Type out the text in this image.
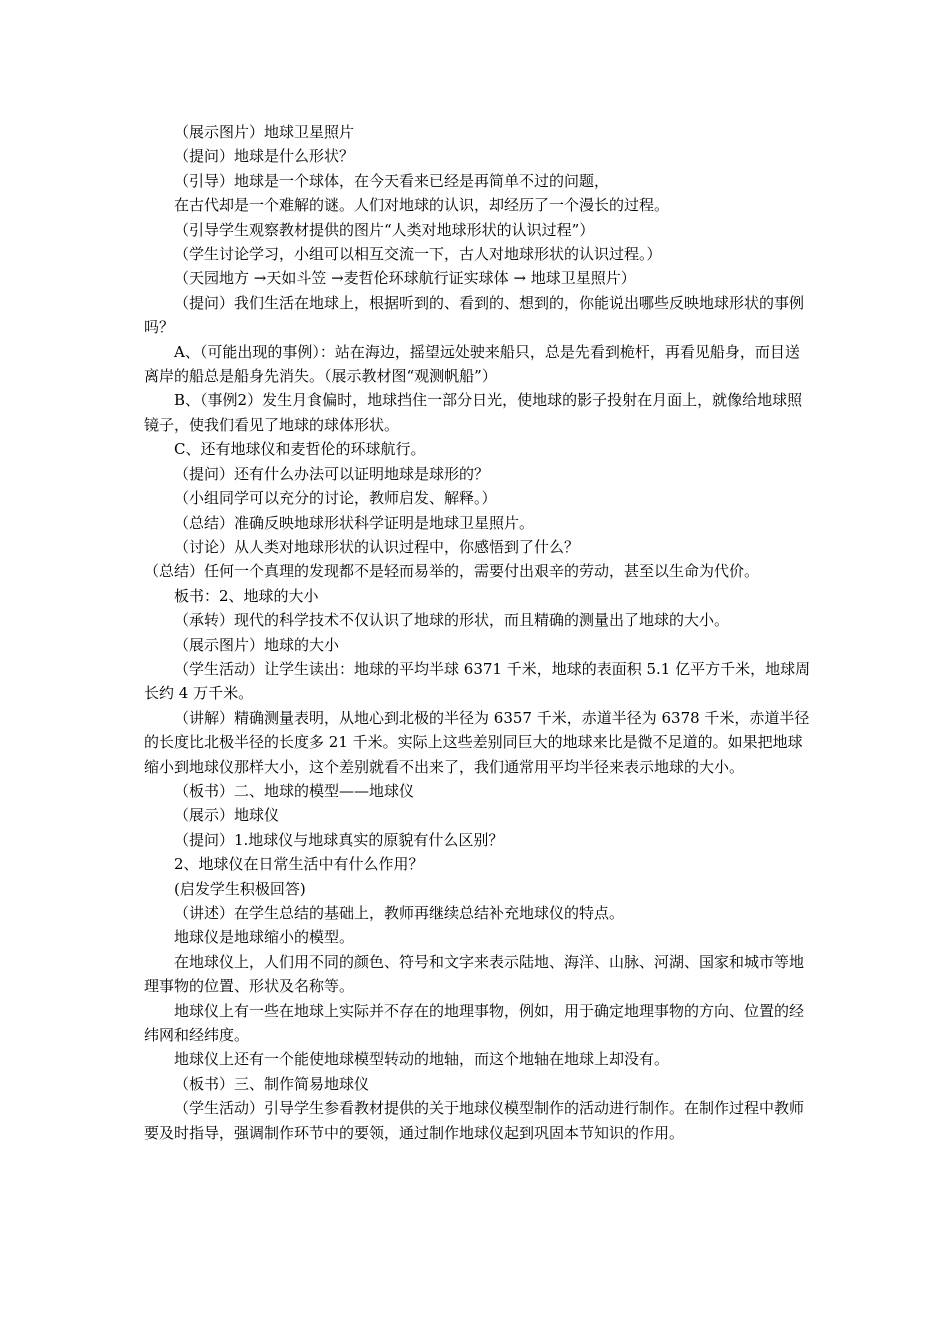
（展示图片）地球卫星照片

（提问）地球是什么形状？

（引导）地球是一个球体，在今天看来已经是再简单不过的问题，

在古代却是一个难解的谜。人们对地球的认识，却经历了一个漫长的过程。

（引导学生观察教材提供的图片“人类对地球形状的认识过程”）

（学生讨论学习，小组可以相互交流一下，古人对地球形状的认识过程。）

（天园地方 →天如斗笠 →麦哲伦环球航行证实球体 → 地球卫星照片）

（提问）我们生活在地球上，根据听到的、看到的、想到的，你能说出哪些反映地球形状的事例吗？

A、（可能出现的事例）：站在海边，摇望远处驶来船只，总是先看到桅杆，再看见船身，而目送离岸的船总是船身先消失。（展示教材图“观测帆船”）

B、（事例2）发生月食偏时，地球挡住一部分日光，使地球的影子投射在月面上，就像给地球照镜子，使我们看见了地球的球体形状。

C、还有地球仪和麦哲伦的环球航行。

（提问）还有什么办法可以证明地球是球形的？

（小组同学可以充分的讨论，教师启发、解释。）

（总结）准确反映地球形状科学证明是地球卫星照片。

（讨论）从人类对地球形状的认识过程中，你感悟到了什么？

（总结）任何一个真理的发现都不是轻而易举的，需要付出艰辛的劳动，甚至以生命为代价。

板书：2、地球的大小

（承转）现代的科学技术不仅认识了地球的形状，而且精确的测量出了地球的大小。

（展示图片）地球的大小

（学生活动）让学生读出：地球的平均半球 6371 千米，地球的表面积 5.1 亿平方千米，地球周长约 4 万千米。

（讲解）精确测量表明，从地心到北极的半径为 6357 千米，赤道半径为 6378 千米，赤道半径的长度比北极半径的长度多 21 千米。实际上这些差别同巨大的地球来比是微不足道的。如果把地球缩小到地球仪那样大小，这个差别就看不出来了，我们通常用平均半径来表示地球的大小。

（板书）二、地球的模型——地球仪

（展示）地球仪

（提问）1.地球仪与地球真实的原貌有什么区别？

2、地球仪在日常生活中有什么作用？

(启发学生积极回答)

（讲述）在学生总结的基础上，教师再继续总结补充地球仪的特点。

地球仪是地球缩小的模型。

在地球仪上，人们用不同的颜色、符号和文字来表示陆地、海洋、山脉、河湖、国家和城市等地理事物的位置、形状及名称等。

地球仪上有一些在地球上实际并不存在的地理事物，例如，用于确定地理事物的方向、位置的经纬网和经纬度。

地球仪上还有一个能使地球模型转动的地轴，而这个地轴在地球上却没有。

（板书）三、制作简易地球仪

（学生活动）引导学生参看教材提供的关于地球仪模型制作的活动进行制作。在制作过程中教师要及时指导，强调制作环节中的要领，通过制作地球仪起到巩固本节知识的作用。
